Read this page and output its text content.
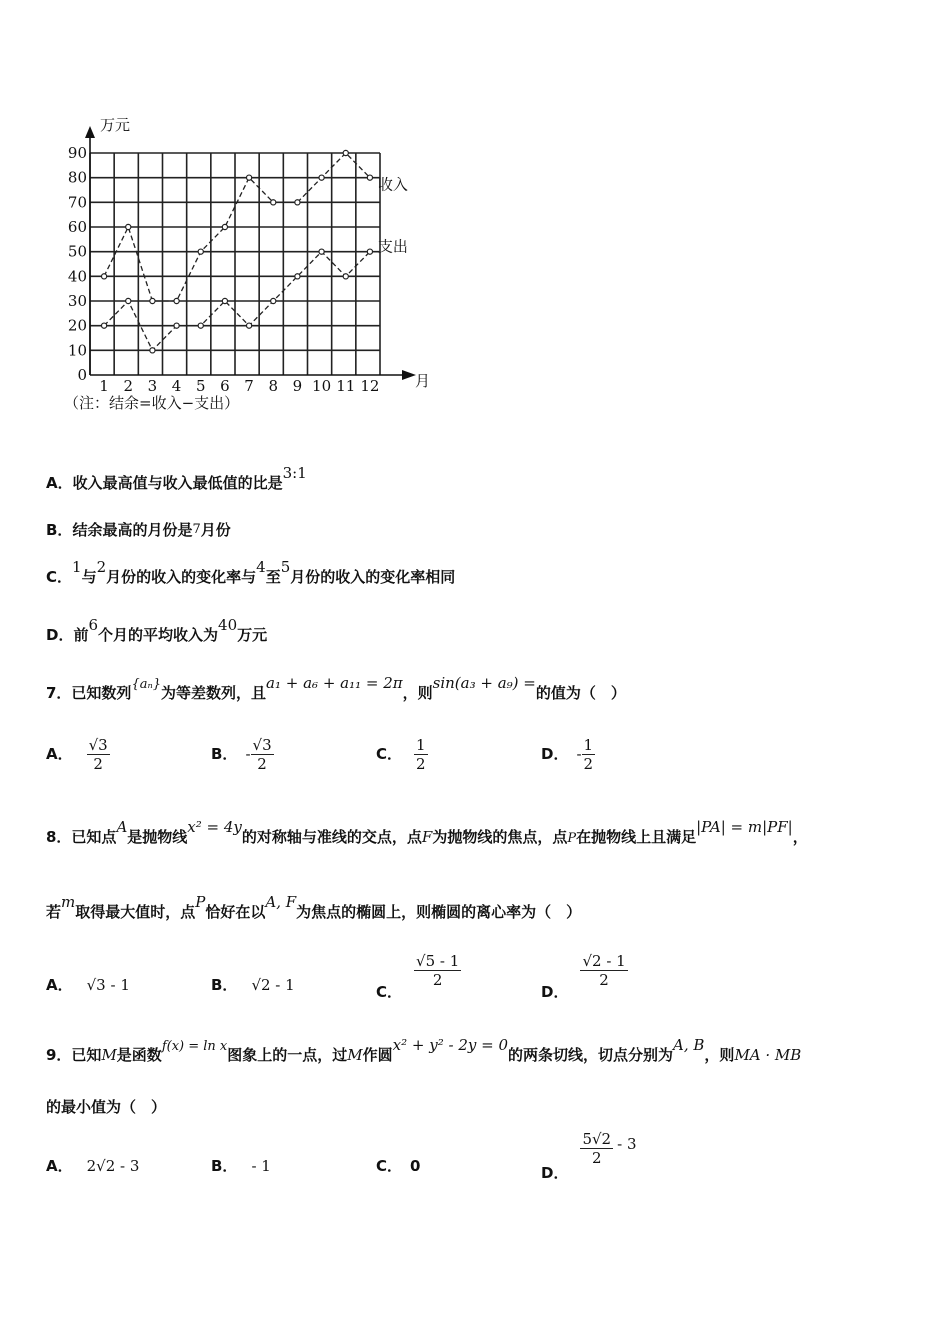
万元
月
0
10
20
30
40
50
60
70
80
90
1 2 3 4 5 6 7 8 9 10 11 12
收入
支出
（注：结余=收入−支出）
A．收入最高值与收入最低值的比是3:1
B．结余最高的月份是7月份
C．1与2月份的收入的变化率与4至5月份的收入的变化率相同
D．前6个月的平均收入为40万元
7．已知数列{aₙ}为等差数列，且a₁ + a₆ + a₁₁ = 2π，则sin(a₃ + a₉) =的值为（　）
A． $\frac{√3}{2}$	B． - $\frac{√3}{2}$	C． $\frac{1}{2}$	D． - $\frac{1}{2}$
8．已知点A是抛物线x² = 4y的对称轴与准线的交点，点F为抛物线的焦点，点P在抛物线上且满足|PA| = m|PF|，
若m取得最大值时，点P恰好在以A, F为焦点的椭圆上，则椭圆的离心率为（　）
A． √3 - 1	B． √2 - 1	C．
$\frac{√5 - 1}{2}$
D．
$\frac{√2 - 1}{2}$
9．已知M是函数f(x) = ln x图象上的一点，过M作圆x² + y² - 2y = 0的两条切线，切点分别为A, B，则MA · MB
的最小值为（　）
A． 2√2 - 3	B． - 1	C． 0	D．
$\frac{5√2}{2} - 3$
